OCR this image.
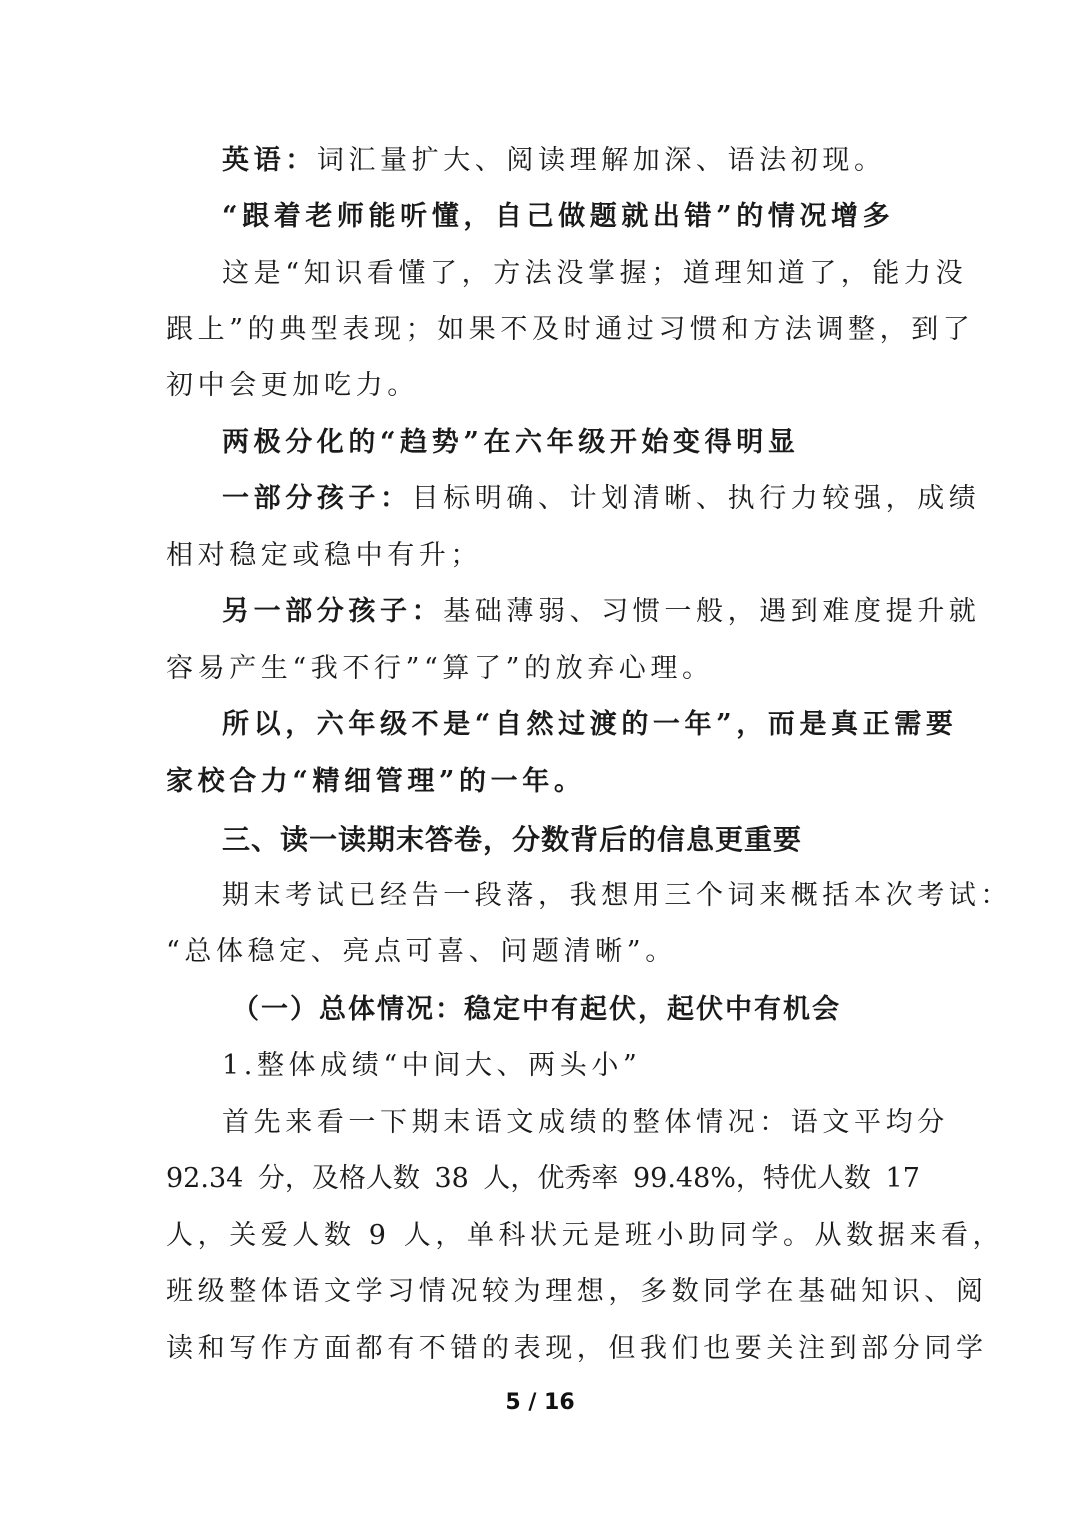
英语：词汇量扩大、阅读理解加深、语法初现。
“跟着老师能听懂，自己做题就出错”的情况增多
这是“知识看懂了，方法没掌握；道理知道了，能力没
跟上”的典型表现；如果不及时通过习惯和方法调整，到了
初中会更加吃力。
两极分化的“趋势”在六年级开始变得明显
一部分孩子：目标明确、计划清晰、执行力较强，成绩
相对稳定或稳中有升；
另一部分孩子：基础薄弱、习惯一般，遇到难度提升就
容易产生“我不行”“算了”的放弃心理。
所以，六年级不是“自然过渡的一年”，而是真正需要
家校合力“精细管理”的一年。
三、读一读期末答卷，分数背后的信息更重要
期末考试已经告一段落，我想用三个词来概括本次考试：
“总体稳定、亮点可喜、问题清晰”。
（一）总体情况：稳定中有起伏，起伏中有机会
1.整体成绩“中间大、两头小”
首先来看一下期末语文成绩的整体情况：语文平均分
92.34 分，及格人数 38 人，优秀率 99.48%，特优人数 17
人，关爱人数 9 人，单科状元是班小助同学。从数据来看，
班级整体语文学习情况较为理想，多数同学在基础知识、阅
读和写作方面都有不错的表现，但我们也要关注到部分同学
5 / 16
